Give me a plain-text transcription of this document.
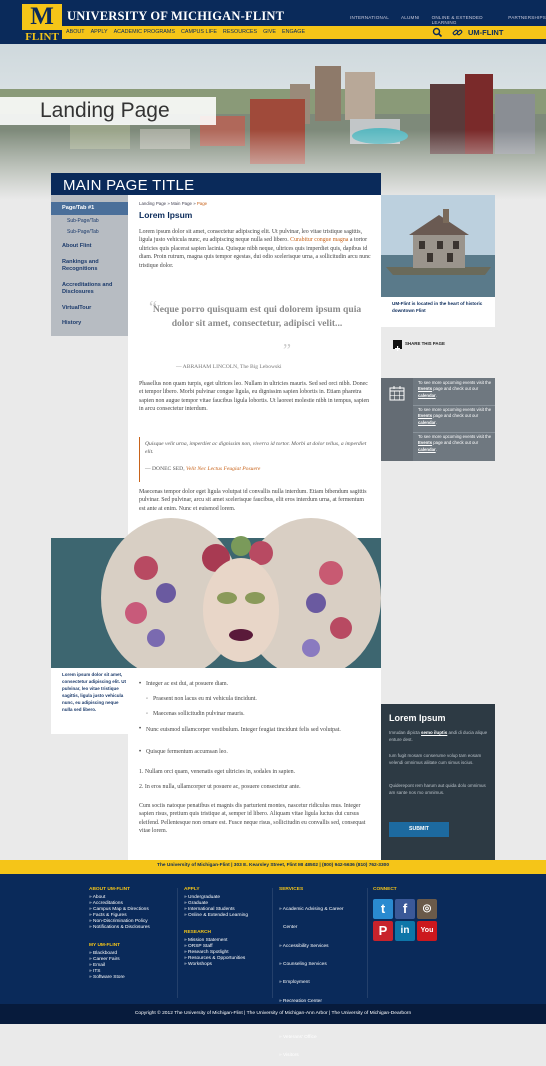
M
FLINT
UNIVERSITY OF MICHIGAN-FLINT	INTERNATIONAL	ALUMNI	ONLINE & EXTENDED LEARNING
PARTNERSHIPS
ABOUT APPLY ACADEMIC PROGRAMS CAMPUS LIFE RESOURCES GIVE ENGAGE	UM-FLINT
Landing Page
MAIN PAGE TITLE
Page/Tab #1
Sub-Page/Tab
Sub-Page/Tab
About Flint
Rankings and Recognitions
Accreditations and Disclosures
VirtualTour
History
Landing Page » Main Page » Page
Lorem Ipsum
Lorem ipsum dolor sit amet, consectetur adipiscing elit. Ut pulvinar, leo vitae tristique sagittis, ligula justo vehicula nunc, eu adipiscing neque nulla sed libero. Curabitur congue magna a tortor ultricies quis placerat sapien lacinia. Quisque nibh neque, ultrices quis imperdiet quis, dapibus id diam. Proin rutrum, magna quis tempor egestas, dui odio scelerisque urna, a sollicitudin arcu nunc tristique dolor.
“
Neque porro quisquam est qui dolorem ipsum quia dolor sit amet, consectetur, adipisci velit...
”
— ABRAHAM LINCOLN, The Big Lebowski
Phasellus non quam turpis, eget ultrices leo. Nullam in ultricies mauris. Sed sed orci nibh. Donec et tempor libero. Morbi pulvinar congue ligula, eu dignissim sapien lobortis in. Etiam pharetra sapien non augue tempor vitae faucibus ligula lobortis. Ut laoreet molestie nibh in tempus, sapien in arcu consectetur interdum.
Quisque velit urna, imperdiet ac dignissim non, viverra id tortor. Morbi at dolor tellus, a imperdiet elit.
— DONEC SED, Velit Nec Lectus Feugiat Posuere
Maecenas tempor dolor eget ligula volutpat id convallis nulla interdum. Etiam bibendum sagittis pulvinar. Sed pulvinar, arcu sit amet scelerisque faucibus, elit eros interdum urna, at fermentum est ante at enim. Nunc et euismod lorem.
UM-Flint is located in the heart of historic downtown Flint
SHARE THIS PAGE
To see more upcoming events visit the Events page and check out our calendar.
To see more upcoming events visit the Events page and check out our calendar.
To see more upcoming events visit the Events page and check out our calendar.
Lorem ipsum dolor sit amet, consectetur adipiscing elit. Ut pulvinar, leo vitae tristique sagittis, ligula justo vehicula nunc, eu adipiscing neque nulla sed libero.
• Integer ac est dui, at posuere diam.
◦ Praesent non lacus eu mi vehicula tincidunt.
◦ Maecenas sollicitudin pulvinar mauris.
• Nunc euismod ullamcorper vestibulum. Integer feugiat tincidunt felis sed volutpat.
• Quisque fermentum accumsan leo.
1. Nullam orci quam, venenatis eget ultricies in, sodales in sapien.
2. In eros nulla, ullamcorper ut posuere ac, posuere consectetur ante.
Cum sociis natoque penatibus et magnis dis parturient montes, nascetur ridiculus mus. Integer sapien risus, pretium quis tristique at, semper id libero. Aliquam vitae ligula luctus dui cursus eleifend. Pellentesque non ornare est. Fusce neque risus, sollicitudin eu convallis sed, consequat vitae lorem.
Lorem Ipsum
Imrudan dipicta semo iluptis andi di ducia alique enture dest.
Ium fugit mosam conserume volup tam eosam velendi omnimus aliitate cum simus iscius.
Quiderepont rem harum aut quida dolo omnimus am sante nos mo omnimus.
SUBMIT
The University of Michigan-Flint | 303 E. Kearsley Street, Flint MI 48502 | (800) 942-5636 (810) 762-3300
ABOUT UM-FLINT
» About
» Accreditations
» Campus Map & Directions
» Facts & Figures
» Non-Discrimination Policy
» Notifications & Disclosures
MY UM-FLINT
» Blackboard
» Career Fairs
» Email
» ITS
» Software Store
APPLY
» Undergraduate
» Graduate
» International Students
» Online & Extended Learning
RESEARCH
» Mission Statement
» ORSP Staff
» Research Spotlight
» Resources & Opportunities
» Workshops
SERVICES

» Academic Advising & Career

Center

» Accessibility Services

» Counseling Services

» Employment

» Recreation Center

» Veterans' Office

» Visitors

CONNECT
t	f	◎
P	in	You
Copyright © 2012 The University of Michigan-Flint | The University of Michigan-Ann Arbor | The University of Michigan-Dearborn
